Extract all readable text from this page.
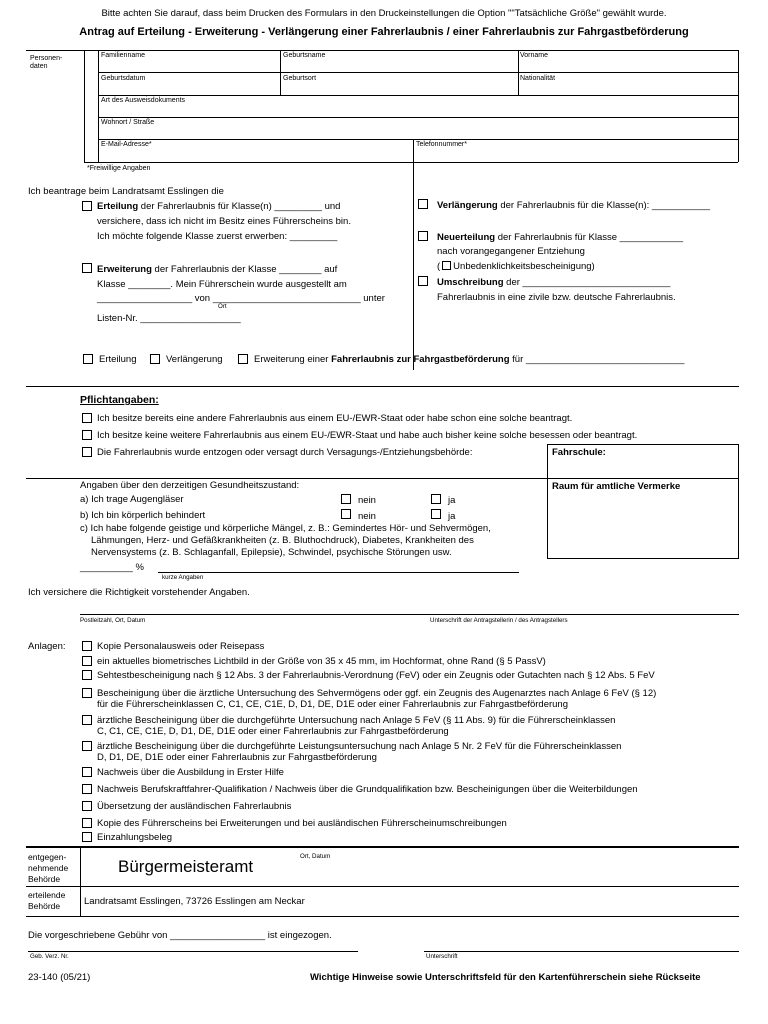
Bitte achten Sie darauf, dass beim Drucken des Formulars in den Druckeinstellungen die Option ""Tatsächliche Größe" gewählt wurde.
Antrag auf Erteilung - Erweiterung - Verlängerung einer Fahrerlaubnis / einer Fahrerlaubnis zur Fahrgastbeförderung
Personen-
daten
Familienname	Geburtsname	Vorname
Geburtsdatum	Geburtsort	Nationalität
Art des Ausweisdokuments
Wohnort / Straße
E-Mail-Adresse*	Telefonnummer*
*Freiwillige Angaben
Ich beantrage beim Landratsamt Esslingen die
Erteilung der Fahrerlaubnis für Klasse(n) _________ und
versichere, dass ich nicht im Besitz eines Führerscheins bin.
Ich möchte folgende Klasse zuerst erwerben: _________
Erweiterung der Fahrerlaubnis der Klasse ________ auf
Klasse ________. Mein Führerschein wurde ausgestellt am
__________________ von ____________________________ unter
Ort
Listen-Nr. ___________________
Verlängerung der Fahrerlaubnis für die Klasse(n): ___________
Neuerteilung der Fahrerlaubnis für Klasse ____________
nach vorangegangener Entziehung
( Unbedenklichkeitsbescheinigung)
Umschreibung der ____________________________
Fahrerlaubnis in eine zivile bzw. deutsche Fahrerlaubnis.
Erteilung	Verlängerung	Erweiterung einer Fahrerlaubnis zur Fahrgastbeförderung für ______________________________
Pflichtangaben:
Ich besitze bereits eine andere Fahrerlaubnis aus einem EU-/EWR-Staat oder habe schon eine solche beantragt.
Ich besitze keine weitere Fahrerlaubnis aus einem EU-/EWR-Staat und habe auch bisher keine solche besessen oder beantragt.
Die Fahrerlaubnis wurde entzogen oder versagt durch Versagungs-/Entziehungsbehörde:	Fahrschule:
Raum für amtliche Vermerke
Angaben über den derzeitigen Gesundheitszustand:
a) Ich trage Augengläser	nein	ja
b) Ich bin körperlich behindert	nein	ja
c) Ich habe folgende geistige und körperliche Mängel, z. B.: Gemindertes Hör- und Sehvermögen,
Lähmungen, Herz- und Gefäßkrankheiten (z. B. Bluthochdruck), Diabetes, Krankheiten des
Nervensystems (z. B. Schlaganfall, Epilepsie), Schwindel, psychische Störungen usw.
__________ %
kurze Angaben
Ich versichere die Richtigkeit vorstehender Angaben.
Postleitzahl, Ort, Datum	Unterschrift der Antragstellerin / des Antragstellers
Anlagen:	Kopie Personalausweis oder Reisepass
ein aktuelles biometrisches Lichtbild in der Größe von 35 x 45 mm, im Hochformat, ohne Rand (§ 5 PassV)
Sehtestbescheinigung nach § 12 Abs. 3 der Fahrerlaubnis-Verordnung (FeV) oder ein Zeugnis oder Gutachten nach § 12 Abs. 5 FeV
Bescheinigung über die ärztliche Untersuchung des Sehvermögens oder ggf. ein Zeugnis des Augenarztes nach Anlage 6 FeV (§ 12)
für die Führerscheinklassen C, C1, CE, C1E, D, D1, DE, D1E oder einer Fahrerlaubnis zur Fahrgastbeförderung
ärztliche Bescheinigung über die durchgeführte Untersuchung nach Anlage 5 FeV (§ 11 Abs. 9) für die Führerscheinklassen
C, C1, CE, C1E, D, D1, DE, D1E oder einer Fahrerlaubnis zur Fahrgastbeförderung
ärztliche Bescheinigung über die durchgeführte Leistungsuntersuchung nach Anlage 5 Nr. 2 FeV für die Führerscheinklassen
D, D1, DE, D1E oder einer Fahrerlaubnis zur Fahrgastbeförderung
Nachweis über die Ausbildung in Erster Hilfe
Nachweis Berufskraftfahrer-Qualifikation / Nachweis über die Grundqualifikation bzw. Bescheinigungen über die Weiterbildungen
Übersetzung der ausländischen Fahrerlaubnis
Kopie des Führerscheins bei Erweiterungen und bei ausländischen Führerscheinumschreibungen
Einzahlungsbeleg
entgegen-
nehmende
Behörde
Ort, Datum
Bürgermeisteramt
erteilende
Behörde	Landratsamt Esslingen, 73726 Esslingen am Neckar
Die vorgeschriebene Gebühr von __________________ ist eingezogen.
Geb. Verz. Nr.	Unterschrift
23-140 (05/21)	Wichtige Hinweise sowie Unterschriftsfeld für den Kartenführerschein siehe Rückseite
